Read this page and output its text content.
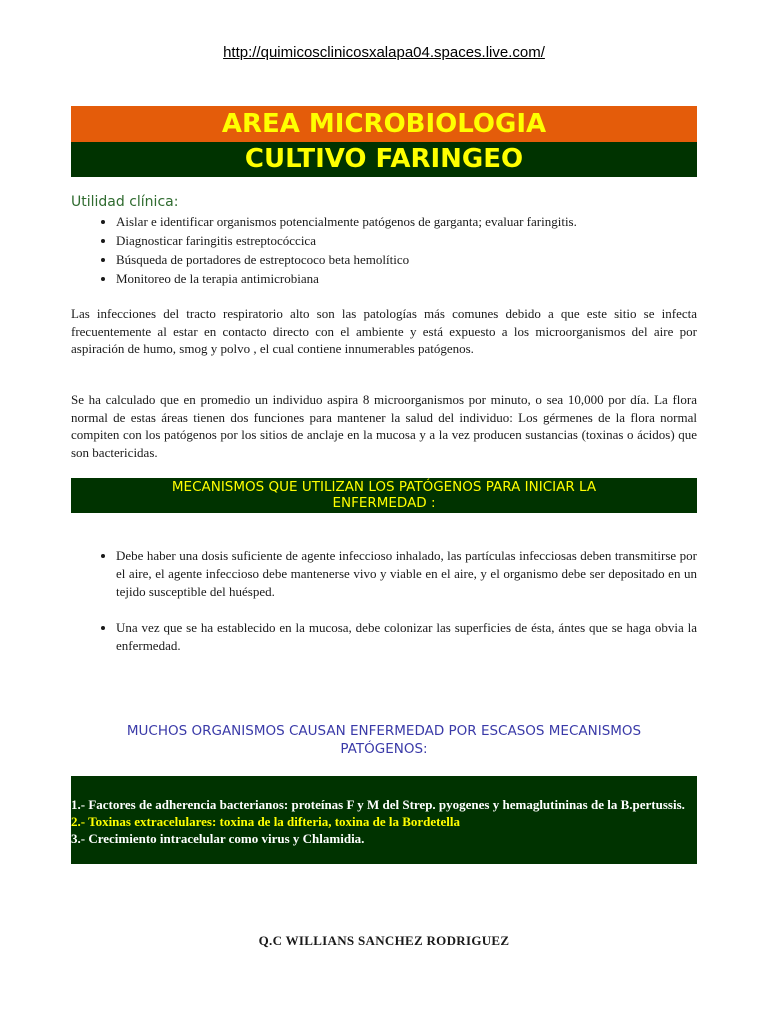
http://quimicosclinicosxalapa04.spaces.live.com/
AREA MICROBIOLOGIA
CULTIVO FARINGEO
Utilidad clínica:
• Aislar e identificar organismos potencialmente patógenos de garganta; evaluar faringitis.
• Diagnosticar faringitis estreptocóccica
• Búsqueda de portadores de estreptococo beta hemolítico
• Monitoreo de la terapia antimicrobiana

Las infecciones del tracto respiratorio alto son las patologías más comunes debido a que este sitio se infecta frecuentemente al estar en contacto directo con el ambiente y está expuesto a los microorganismos del aire por aspiración de humo, smog y polvo , el cual contiene innumerables patógenos.

Se ha calculado que en promedio un individuo aspira 8 microorganismos por minuto, o sea 10,000 por día. La flora normal de estas áreas tienen dos funciones para mantener la salud del individuo: Los gérmenes de la flora normal compiten con los patógenos por los sitios de anclaje en la mucosa y a la vez producen sustancias (toxinas o ácidos) que son bactericidas.

MECANISMOS QUE UTILIZAN LOS PATÓGENOS PARA INICIAR LA
ENFERMEDAD :
• Debe haber una dosis suficiente de agente infeccioso inhalado, las partículas infecciosas deben transmitirse por el aire, el agente infeccioso debe mantenerse vivo y viable en el aire, y el organismo debe ser depositado en un tejido susceptible del huésped.
• Una vez que se ha establecido en la mucosa, debe colonizar las superficies de ésta, ántes que se haga obvia la enfermedad.
MUCHOS ORGANISMOS CAUSAN ENFERMEDAD POR ESCASOS MECANISMOS
PATÓGENOS:
1.- Factores de adherencia bacterianos: proteínas F y M del Strep. pyogenes y hemaglutininas de la B.pertussis.
2.- Toxinas extracelulares: toxina de la difteria, toxina de la Bordetella
3.- Crecimiento intracelular como virus y Chlamidia.
Q.C WILLIANS SANCHEZ RODRIGUEZ
